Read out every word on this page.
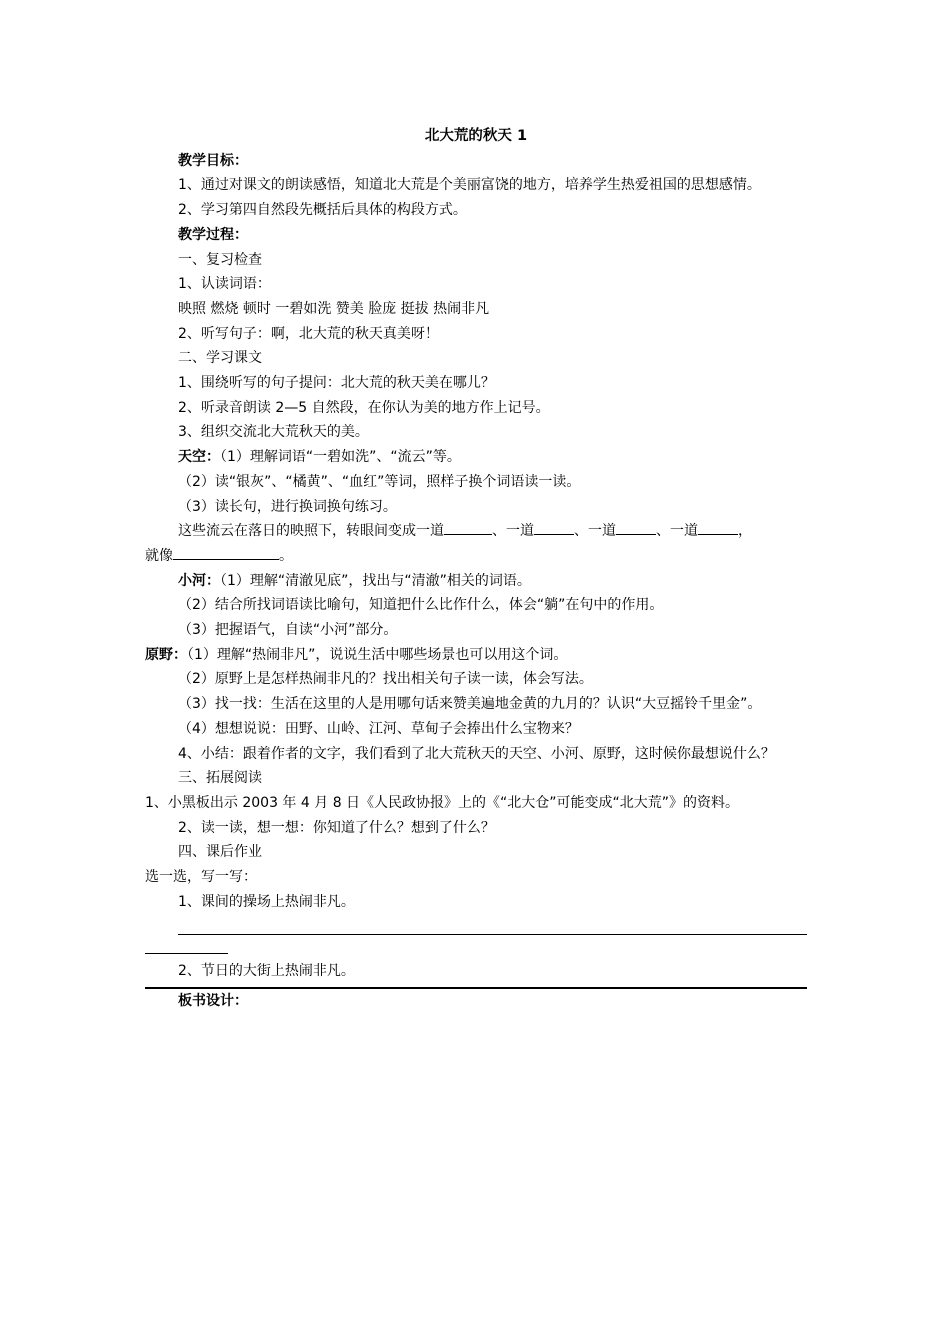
北大荒的秋天 1
教学目标：
1、通过对课文的朗读感悟，知道北大荒是个美丽富饶的地方，培养学生热爱祖国的思想感情。
2、学习第四自然段先概括后具体的构段方式。
教学过程：
一、复习检查
1、认读词语：
映照 燃烧 顿时 一碧如洗 赞美 脸庞 挺拔 热闹非凡
2、听写句子：啊，北大荒的秋天真美呀！
二、学习课文
1、围绕听写的句子提问：北大荒的秋天美在哪儿？
2、听录音朗读 2—5 自然段，在你认为美的地方作上记号。
3、组织交流北大荒秋天的美。
天空：（1）理解词语“一碧如洗”、“流云”等。
（2）读“银灰”、“橘黄”、“血红”等词，照样子换个词语读一读。
（3）读长句，进行换词换句练习。
这些流云在落日的映照下，转眼间变成一道	、一道	、一道	、一道	，
就像	。
小河：（1）理解“清澈见底”，找出与“清澈”相关的词语。
（2）结合所找词语读比喻句，知道把什么比作什么，体会“躺”在句中的作用。
（3）把握语气，自读“小河”部分。
原野：（1）理解“热闹非凡”，说说生活中哪些场景也可以用这个词。
（2）原野上是怎样热闹非凡的？找出相关句子读一读，体会写法。
（3）找一找：生活在这里的人是用哪句话来赞美遍地金黄的九月的？认识“大豆摇铃千里金”。
（4）想想说说：田野、山岭、江河、草甸子会捧出什么宝物来？
4、小结：跟着作者的文字，我们看到了北大荒秋天的天空、小河、原野，这时候你最想说什么？
三、拓展阅读
1、小黑板出示 2003 年 4 月 8 日《人民政协报》上的《“北大仓”可能变成“北大荒”》的资料。
2、读一读，想一想：你知道了什么？想到了什么？
四、课后作业
选一选，写一写：
1、课间的操场上热闹非凡。
2、节日的大街上热闹非凡。
板书设计：
